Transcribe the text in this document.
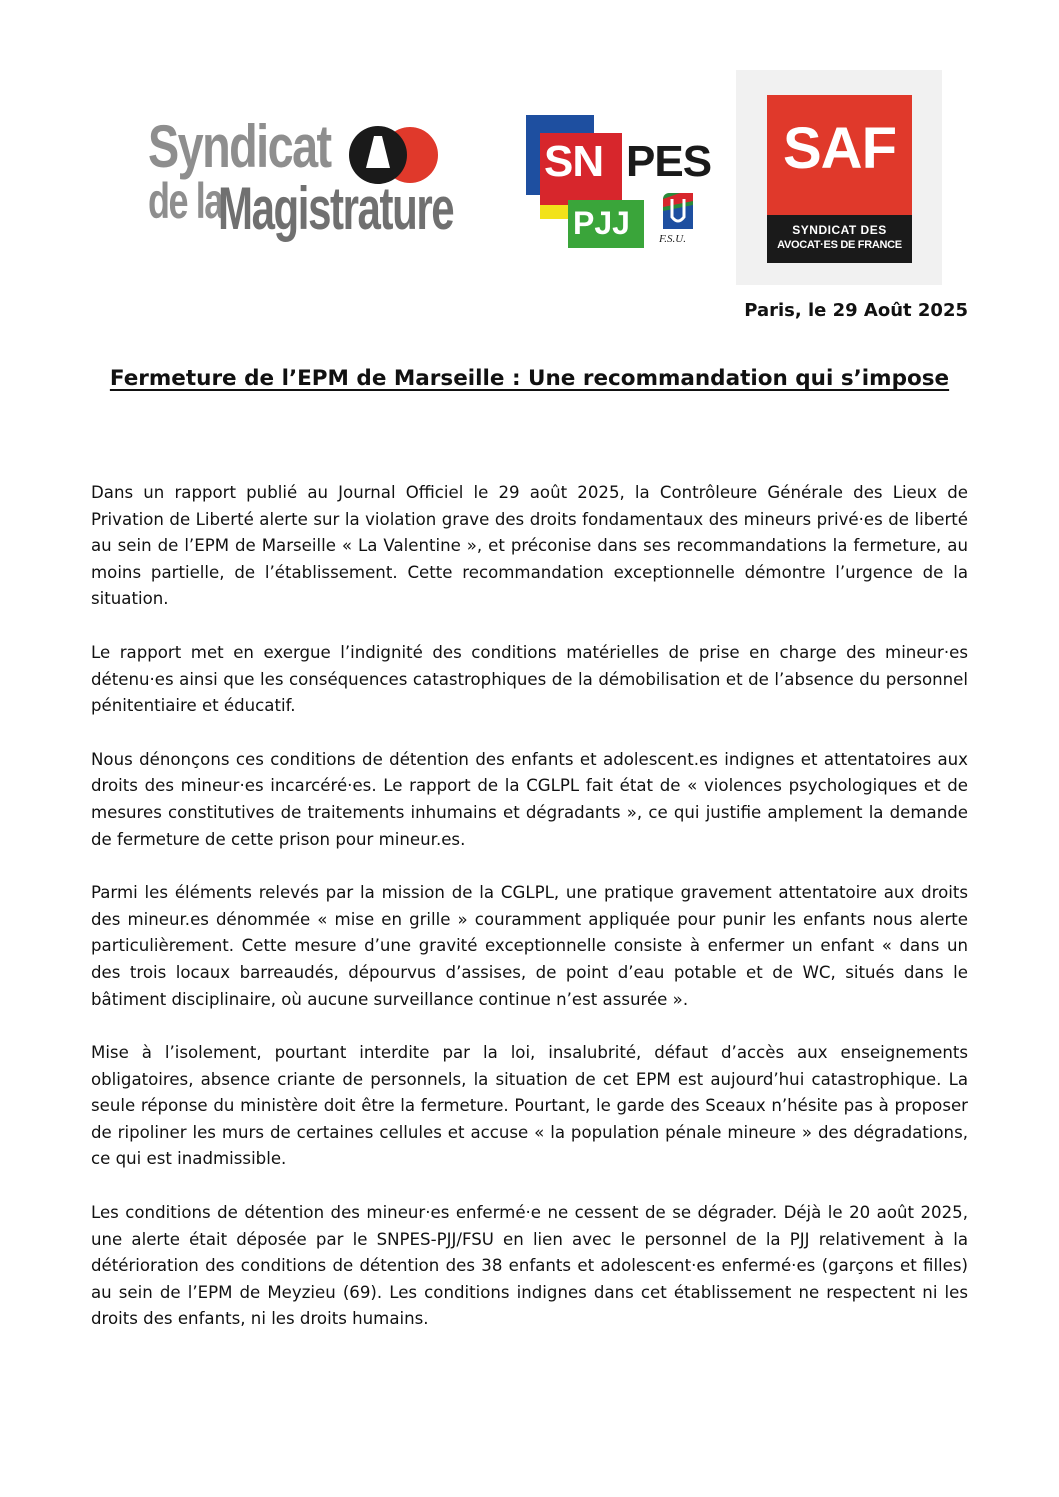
Syndicat
de la
Magistrature
SN PES
PJJ	F.S.U.
SAF
SYNDICAT DES
AVOCAT·ES DE FRANCE
Paris, le 29 Août 2025
Fermeture de l’EPM de Marseille : Une recommandation qui s’impose

Dans un rapport publié au Journal Officiel le 29 août 2025, la Contrôleure Générale des Lieux de Privation de Liberté alerte sur la violation grave des droits fondamentaux des mineurs privé·es de liberté au sein de l’EPM de Marseille « La Valentine », et préconise dans ses recommandations la fermeture, au moins partielle, de l’établissement. Cette recommandation exceptionnelle démontre l’urgence de la situation.

Le rapport met en exergue l’indignité des conditions matérielles de prise en charge des mineur·es détenu·es ainsi que les conséquences catastrophiques de la démobilisation et de l’absence du personnel pénitentiaire et éducatif.

Nous dénonçons ces conditions de détention des enfants et adolescent.es indignes et attentatoires aux droits des mineur·es incarcéré·es. Le rapport de la CGLPL fait état de « violences psychologiques et de mesures constitutives de traitements inhumains et dégradants », ce qui justifie amplement la demande de fermeture de cette prison pour mineur.es.

Parmi les éléments relevés par la mission de la CGLPL, une pratique gravement attentatoire aux droits des mineur.es dénommée « mise en grille » couramment appliquée pour punir les enfants nous alerte particulièrement. Cette mesure d’une gravité exceptionnelle consiste à enfermer un enfant « dans un des trois locaux barreaudés, dépourvus d’assises, de point d’eau potable et de WC, situés dans le bâtiment disciplinaire, où aucune surveillance continue n’est assurée ».

Mise à l’isolement, pourtant interdite par la loi, insalubrité, défaut d’accès aux enseignements obligatoires, absence criante de personnels, la situation de cet EPM est aujourd’hui catastrophique. La seule réponse du ministère doit être la fermeture. Pourtant, le garde des Sceaux n’hésite pas à proposer de ripoliner les murs de certaines cellules et accuse « la population pénale mineure » des dégradations, ce qui est inadmissible.

Les conditions de détention des mineur·es enfermé·e ne cessent de se dégrader. Déjà le 20 août 2025, une alerte était déposée par le SNPES-PJJ/FSU en lien avec le personnel de la PJJ relativement à la détérioration des conditions de détention des 38 enfants et adolescent·es enfermé·es (garçons et filles) au sein de l’EPM de Meyzieu (69). Les conditions indignes dans cet établissement ne respectent ni les droits des enfants, ni les droits humains.
